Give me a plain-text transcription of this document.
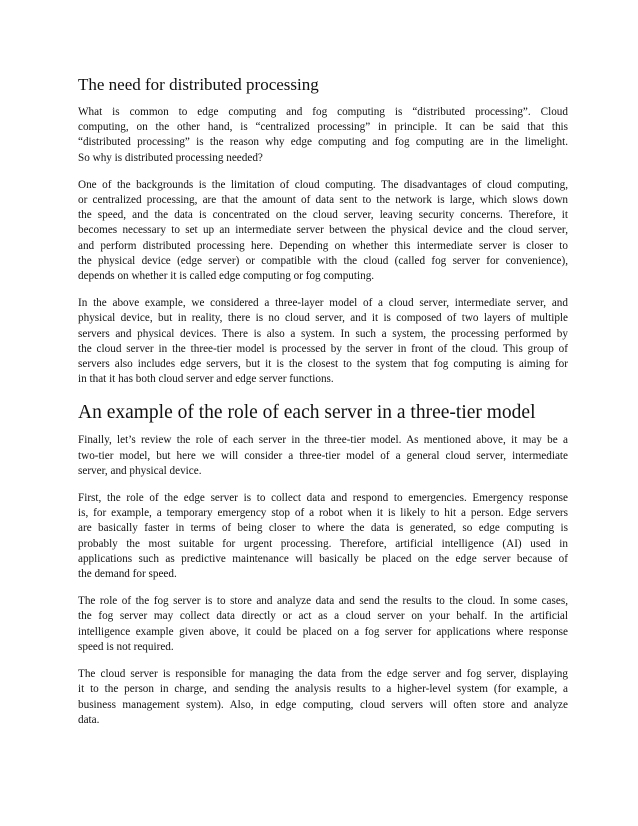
The need for distributed processing
What is common to edge computing and fog computing is “distributed processing”. Cloud
computing, on the other hand, is “centralized processing” in principle. It can be said that this
“distributed processing” is the reason why edge computing and fog computing are in the limelight.
So why is distributed processing needed?
One of the backgrounds is the limitation of cloud computing. The disadvantages of cloud computing,
or centralized processing, are that the amount of data sent to the network is large, which slows down
the speed, and the data is concentrated on the cloud server, leaving security concerns. Therefore, it
becomes necessary to set up an intermediate server between the physical device and the cloud server,
and perform distributed processing here. Depending on whether this intermediate server is closer to
the physical device (edge server) or compatible with the cloud (called fog server for convenience),
depends on whether it is called edge computing or fog computing.
In the above example, we considered a three-layer model of a cloud server, intermediate server, and
physical device, but in reality, there is no cloud server, and it is composed of two layers of multiple
servers and physical devices. There is also a system. In such a system, the processing performed by
the cloud server in the three-tier model is processed by the server in front of the cloud. This group of
servers also includes edge servers, but it is the closest to the system that fog computing is aiming for
in that it has both cloud server and edge server functions.
An example of the role of each server in a three-tier model
Finally, let’s review the role of each server in the three-tier model. As mentioned above, it may be a
two-tier model, but here we will consider a three-tier model of a general cloud server, intermediate
server, and physical device.
First, the role of the edge server is to collect data and respond to emergencies. Emergency response
is, for example, a temporary emergency stop of a robot when it is likely to hit a person. Edge servers
are basically faster in terms of being closer to where the data is generated, so edge computing is
probably the most suitable for urgent processing. Therefore, artificial intelligence (AI) used in
applications such as predictive maintenance will basically be placed on the edge server because of
the demand for speed.
The role of the fog server is to store and analyze data and send the results to the cloud. In some cases,
the fog server may collect data directly or act as a cloud server on your behalf. In the artificial
intelligence example given above, it could be placed on a fog server for applications where response
speed is not required.
The cloud server is responsible for managing the data from the edge server and fog server, displaying
it to the person in charge, and sending the analysis results to a higher-level system (for example, a
business management system). Also, in edge computing, cloud servers will often store and analyze
data.
